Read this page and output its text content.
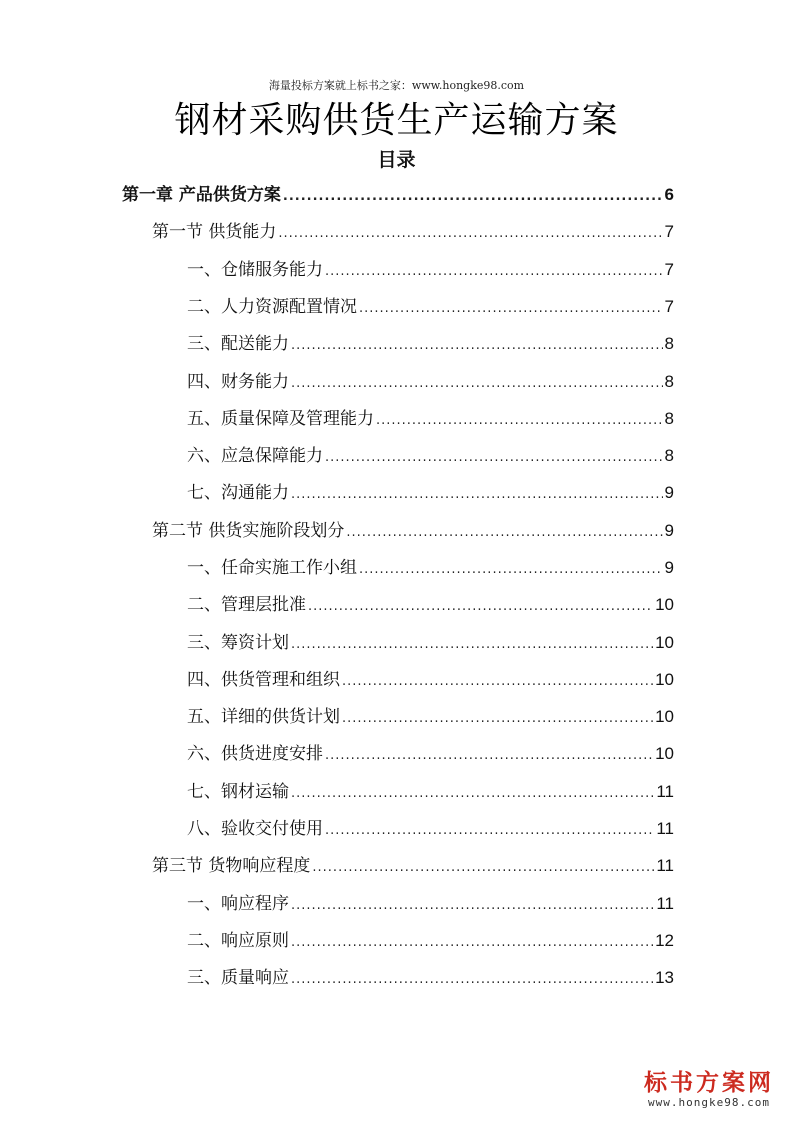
海量投标方案就上标书之家：www.hongke98.com
钢材采购供货生产运输方案
目录
第一章 产品供货方案 .....	6
第一节 供货能力 .....	7
一、仓储服务能力 .....	7
二、人力资源配置情况 .....	7
三、配送能力 .....	8
四、财务能力 .....	8
五、质量保障及管理能力 .....	8
六、应急保障能力 .....	8
七、沟通能力 .....	9
第二节 供货实施阶段划分 .....	9
一、任命实施工作小组 .....	9
二、管理层批准 .....	10
三、筹资计划 .....	10
四、供货管理和组织 .....	10
五、详细的供货计划 .....	10
六、供货进度安排 .....	10
七、钢材运输 .....	11
八、验收交付使用 .....	11
第三节 货物响应程度 .....	11
一、响应程序 .....	11
二、响应原则 .....	12
三、质量响应 .....	13
标书方案网
www.hongke98.com
